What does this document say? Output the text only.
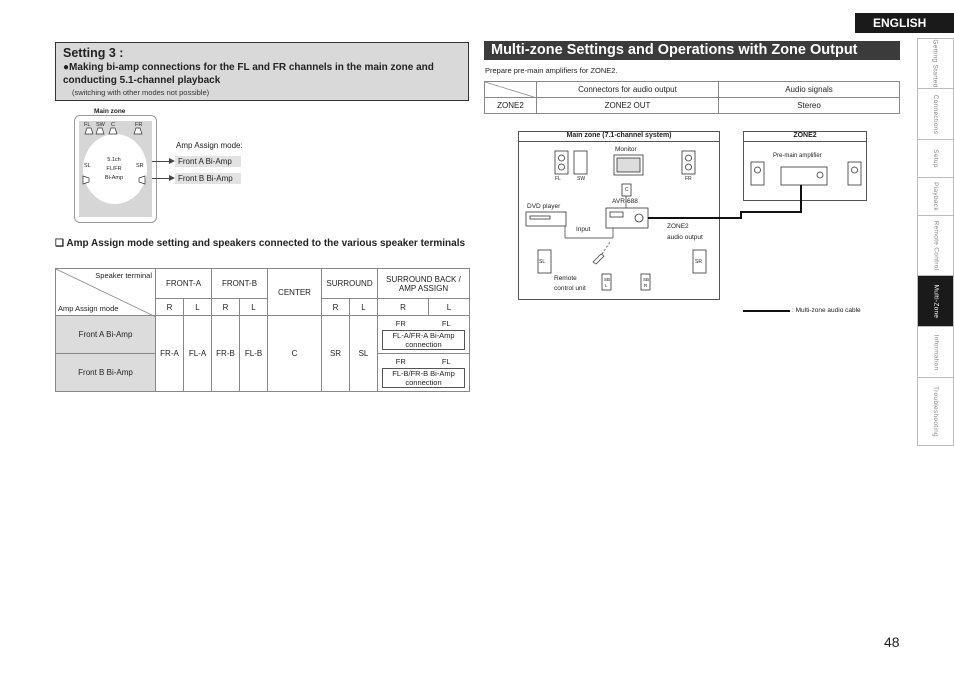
ENGLISH
Getting Started
Connections
Setup
Playback
Remote Control
Multi-Zone
Information
Troubleshooting
Setting 3 :
●Making bi-amp connections for the FL and FR channels in the main zone and conducting 5.1-channel playback
(switching with other modes not possible)
Main zone
FL SW C	FR
SL	SR
5.1ch
FL/FR
Bi-Amp
Amp Assign mode:
Front A Bi-Amp
Front B Bi-Amp
❑ Amp Assign mode setting and speakers connected to the various speaker terminals
Speaker terminal
Amp Assign mode	FRONT-A		FRONT-B		CENTER	SURROUND		SURROUND BACK / AMP ASSIGN	
	R	L	R	L		R	L	R	L
Front A Bi-Amp	FR-A	FL-A	FR-B	FL-B	C	SR	SL	FR FL
FL-A/FR-A Bi-Amp connection	

Front B Bi-Amp								FR FL
FL-B/FR-B Bi-Amp connection	
Multi-zone Settings and Operations with Zone Output
Prepare pre-main amplifiers for ZONE2.
	Connectors for audio output	Audio signals
ZONE2	ZONE2 OUT	Stereo
Main zone (7.1-channel system)	ZONE2
FL	SW	FR
C
Monitor
DVD player
AVR-688
Input	ZONE2
audio output
SL	SR
Remote
control unit
SB
L
SB
R
Pre-main amplifier
: Multi-zone audio cable
48
